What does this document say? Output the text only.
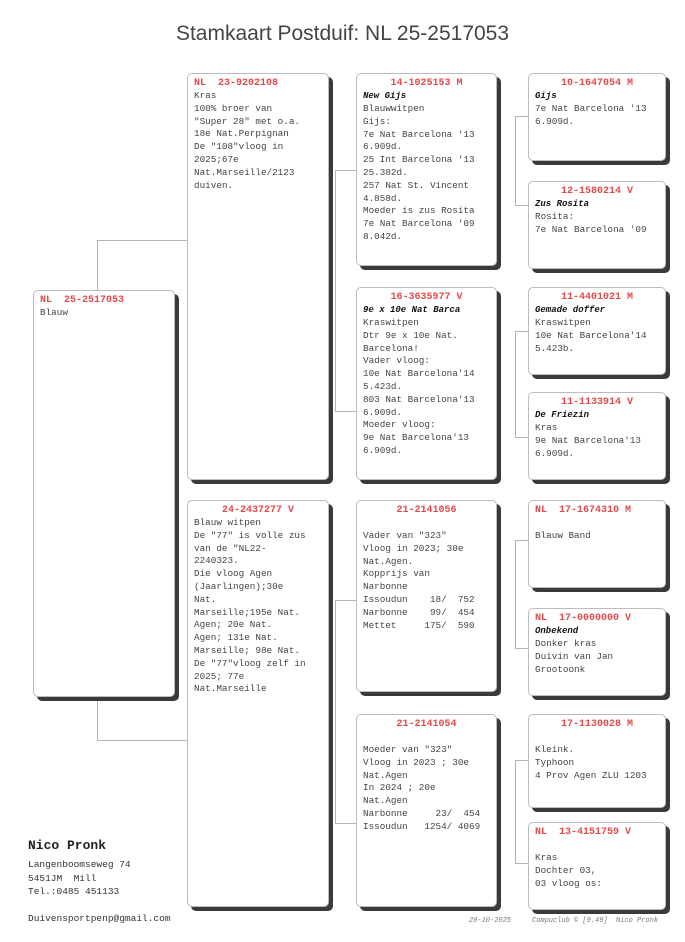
Stamkaart Postduif: NL 25-2517053
NL  25-2517053
Blauw
NL  23-9202108
Kras
100% broer van
"Super 28" met o.a.
18e Nat.Perpignan
De "108"vloog in
2025;67e
Nat.Marseille/2123
duiven.
24-2437277 V
Blauw witpen
De "77" is volle zus
van de "NL22-
2240323.
Die vloog Agen
(Jaarlingen);30e
Nat.
Marseille;195e Nat.
Agen; 20e Nat.
Agen; 131e Nat.
Marseille; 98e Nat.
De "77"vloog zelf in
2025; 77e
Nat.Marseille
14-1025153 M
New Gijs
Blauwwitpen
Gijs:
7e Nat Barcelona '13
6.909d.
25 Int Barcelona '13
25.382d.
257 Nat St. Vincent
4.858d.
Moeder is zus Rosita
7e Nat Barcelona '09
8.042d.
16-3635977 V
9e x 10e Nat Barca
Kraswitpen
Dtr 9e x 10e Nat.
Barcelona!
Vader vloog:
10e Nat Barcelona'14
5.423d.
803 Nat Barcelona'13
6.909d.
Moeder vloog:
9e Nat Barcelona'13
6.909d.
21-2141056
Vader van "323"
Vloog in 2023; 30e
Nat.Agen.
Kopprijs van
Narbonne
Issoudun    18/  752
Narbonne    99/  454
Mettet     175/  590
21-2141054
Moeder van "323"
Vloog in 2023 ; 30e
Nat.Agen
In 2024 ; 20e
Nat.Agen
Narbonne     23/  454
Issoudun   1254/ 4069
10-1647054 M
Gijs
7e Nat Barcelona '13
6.909d.
12-1580214 V
Zus Rosita
Rosita:
7e Nat Barcelona '09
11-4401021 M
Gemade doffer
Kraswitpen
10e Nat Barcelona'14
5.423b.
11-1133914 V
De Friezin
Kras
9e Nat Barcelona'13
6.909d.
NL  17-1674310 M
Blauw Band
NL  17-0000000 V
Onbekend
Donker kras
Duivin van Jan
Grootoonk
17-1130028 M
Kleink.
Typhoon
4 Prov Agen ZLU 1203
NL  13-4151759 V
Kras
Dochter 03,
03 vloog os:
Nico Pronk
Langenboomseweg 74
5451JM  Mill
Tel.:0485 451133
Duivensportpenp@gmail.com	20-10-2025	Compuclub © [9.49]  Nico Pronk
